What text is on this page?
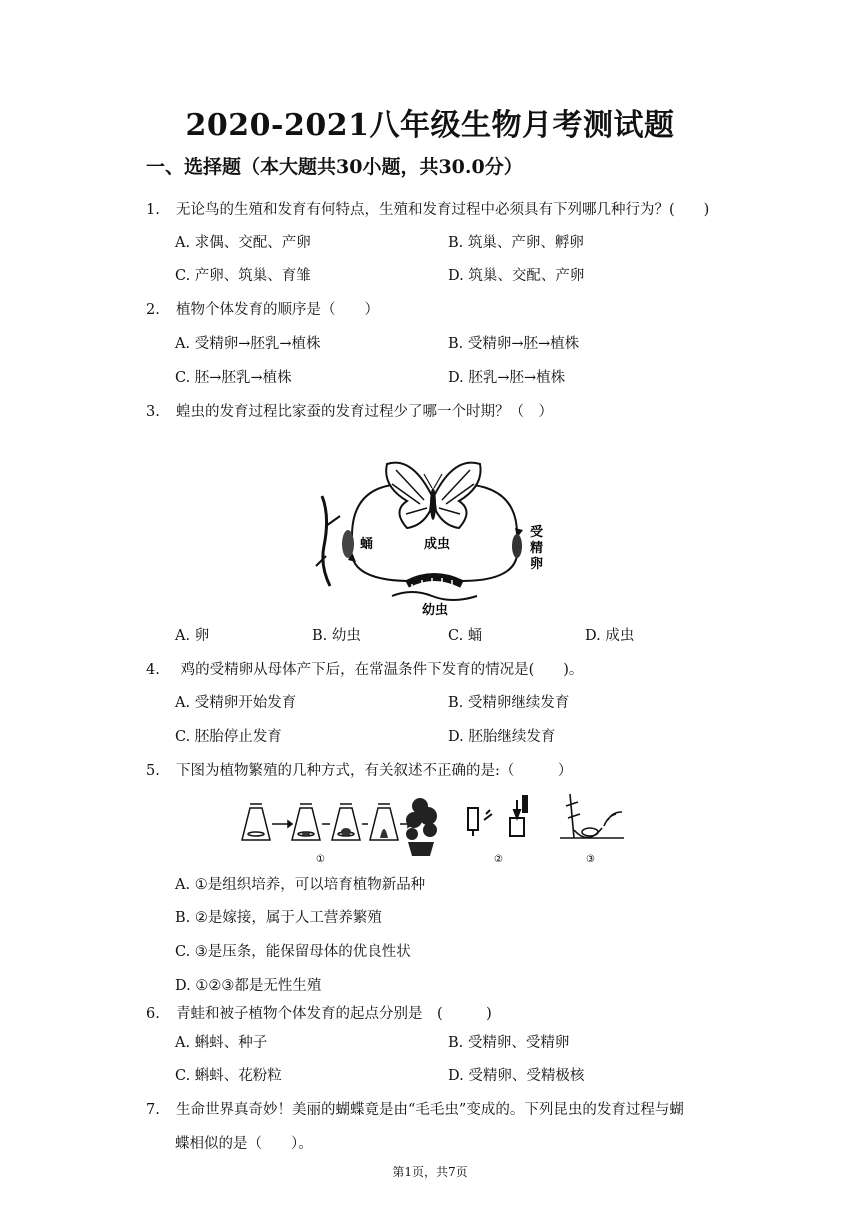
2020-2021八年级生物月考测试题
一、选择题（本大题共30小题，共30.0分）
1. 无论鸟的生殖和发育有何特点，生殖和发育过程中必须具有下列哪几种行为？(　　)
A. 求偶、交配、产卵	B. 筑巢、产卵、孵卵
C. 产卵、筑巢、育雏	D. 筑巢、交配、产卵
2. 植物个体发育的顺序是（　　）
A. 受精卵→胚乳→植株	B. 受精卵→胚→植株
C. 胚→胚乳→植株	D. 胚乳→胚→植株
3. 蝗虫的发育过程比家蚕的发育过程少了哪一个时期？（　）
成虫
蛹
受
精
卵
幼虫
A. 卵	B. 幼虫	C. 蛹	D. 成虫
4. 鸡的受精卵从母体产下后，在常温条件下发育的情况是(　　)。
A. 受精卵开始发育	B. 受精卵继续发育
C. 胚胎停止发育	D. 胚胎继续发育
5. 下图为植物繁殖的几种方式，有关叙述不正确的是:（　　　）
①	②	③
A. ①是组织培养，可以培育植物新品种
B. ②是嫁接，属于人工营养繁殖
C. ③是压条，能保留母体的优良性状
D. ①②③都是无性生殖
6. 青蛙和被子植物个体发育的起点分别是　(　　　)
A. 蝌蚪、种子	B. 受精卵、受精卵
C. 蝌蚪、花粉粒	D. 受精卵、受精极核
7. 生命世界真奇妙！美丽的蝴蝶竟是由“毛毛虫”变成的。下列昆虫的发育过程与蝴
蝶相似的是（　　）。
第1页，共7页
